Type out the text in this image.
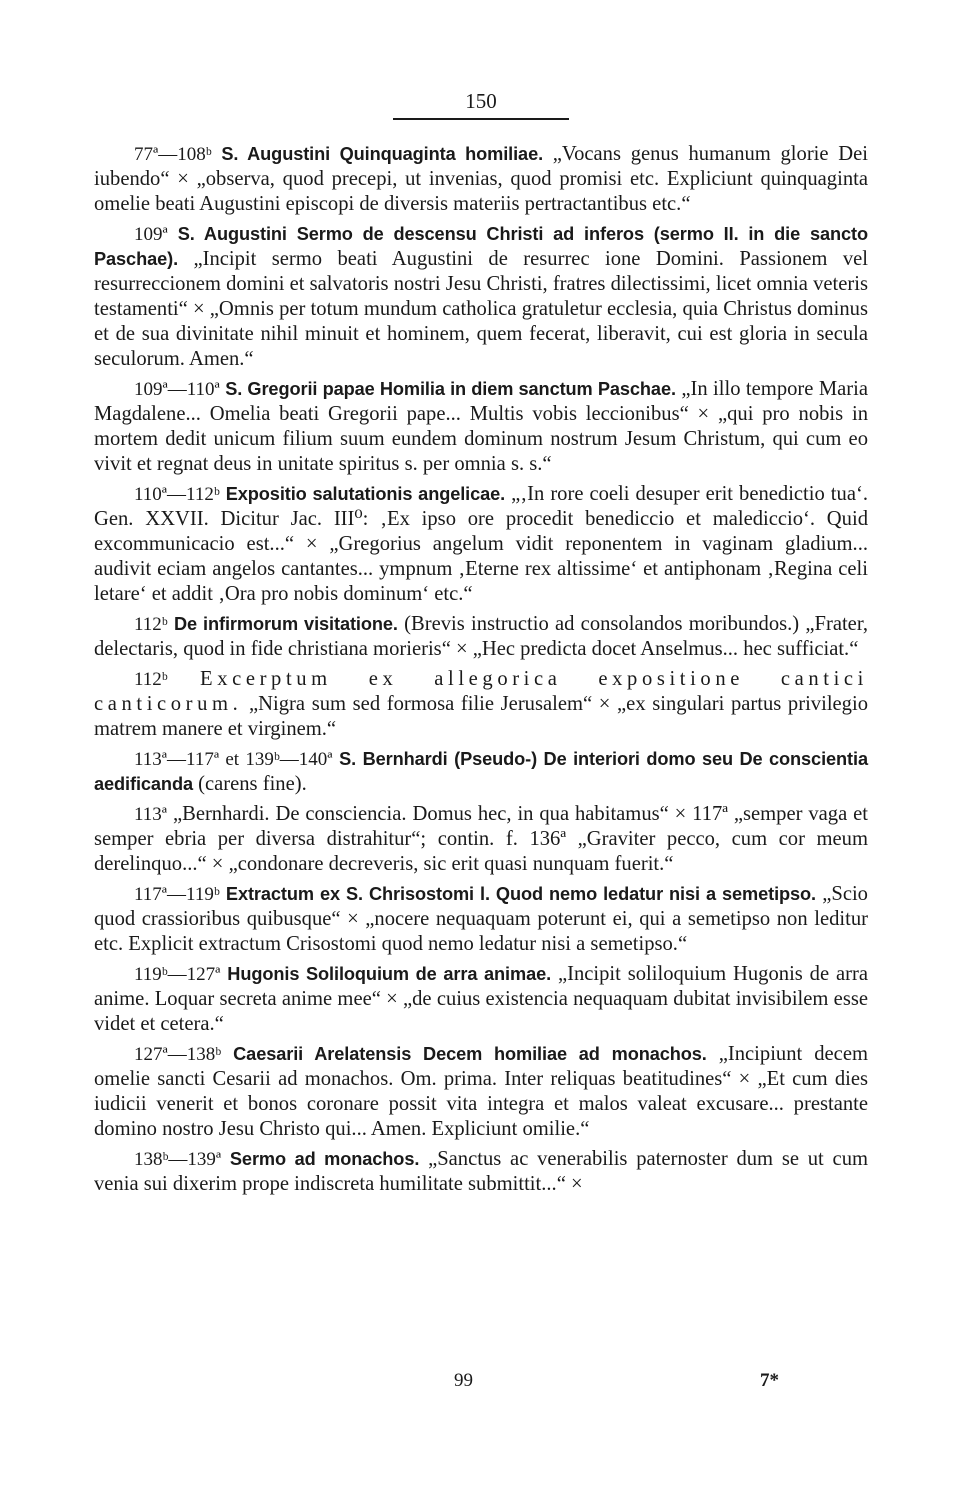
150

77ª—108ᵇ S. Augustini Quinquaginta homiliae. „Vocans genus humanum glorie Dei iubendo“ × „observa, quod precepi, ut invenias, quod promisi etc. Expliciunt quinquaginta omelie beati Augustini episcopi de diversis materiis pertractantibus etc.“

109ª S. Augustini Sermo de descensu Christi ad inferos (sermo II. in die sancto Paschae). „Incipit sermo beati Augustini de resurrec ione Domini. Passionem vel resurreccionem domini et salvatoris nostri Jesu Christi, fratres dilectissimi, licet omnia veteris testamenti“ × „Omnis per totum mundum catholica gratuletur ecclesia, quia Christus dominus et de sua divinitate nihil minuit et hominem, quem fecerat, liberavit, cui est gloria in secula seculorum. Amen.“

109ª—110ª S. Gregorii papae Homilia in diem sanctum Paschae. „In illo tempore Maria Magdalene... Omelia beati Gregorii pape... Multis vobis leccionibus“ × „qui pro nobis in mortem dedit unicum filium suum eundem dominum nostrum Jesum Christum, qui cum eo vivit et regnat deus in unitate spiritus s. per omnia s. s.“

110ª—112ᵇ Expositio salutationis angelicae. „‚In rore coeli desuper erit benedictio tua‘. Gen. XXVII. Dicitur Jac. III⁰: ‚Ex ipso ore procedit benediccio et malediccio‘. Quid excommunicacio est...“ × „Gregorius angelum vidit reponentem in vaginam gladium... audivit eciam angelos cantantes... ympnum ‚Eterne rex altissime‘ et antiphonam ‚Regina celi letare‘ et addit ‚Ora pro nobis dominum‘ etc.“

112ᵇ De infirmorum visitatione. (Brevis instructio ad consolandos moribundos.) „Frater, delectaris, quod in fide christiana morieris“ × „Hec predicta docet Anselmus... hec sufficiat.“

112ᵇ Excerptum ex allegorica expositione cantici canticorum. „Nigra sum sed formosa filie Jerusalem“ × „ex singulari partus privilegio matrem manere et virginem.“

113ª—117ª et 139ᵇ—140ª S. Bernhardi (Pseudo-) De interiori domo seu De conscientia aedificanda (carens fine).

113ª „Bernhardi. De consciencia. Domus hec, in qua habitamus“ × 117ª „semper vaga et semper ebria per diversa distrahitur“; contin. f. 136ª „Graviter pecco, cum cor meum derelinquo...“ × „condonare decreveris, sic erit quasi nunquam fuerit.“

117ª—119ᵇ Extractum ex S. Chrisostomi l. Quod nemo ledatur nisi a semetipso. „Scio quod crassioribus quibusque“ × „nocere nequaquam poterunt ei, qui a semetipso non leditur etc. Explicit extractum Crisostomi quod nemo ledatur nisi a semetipso.“

119ᵇ—127ª Hugonis Soliloquium de arra animae. „Incipit soliloquium Hugonis de arra anime. Loquar secreta anime mee“ × „de cuius existencia nequaquam dubitat invisibilem esse videt et cetera.“

127ª—138ᵇ Caesarii Arelatensis Decem homiliae ad monachos. „Incipiunt decem omelie sancti Cesarii ad monachos. Om. prima. Inter reliquas beatitudines“ × „Et cum dies iudicii venerit et bonos coronare possit vita integra et malos valeat excusare... prestante domino nostro Jesu Christo qui... Amen. Expliciunt omilie.“

138ᵇ—139ª Sermo ad monachos. „Sanctus ac venerabilis paternoster dum se ut cum venia sui dixerim prope indiscreta humilitate submittit...“ ×

99	7*
